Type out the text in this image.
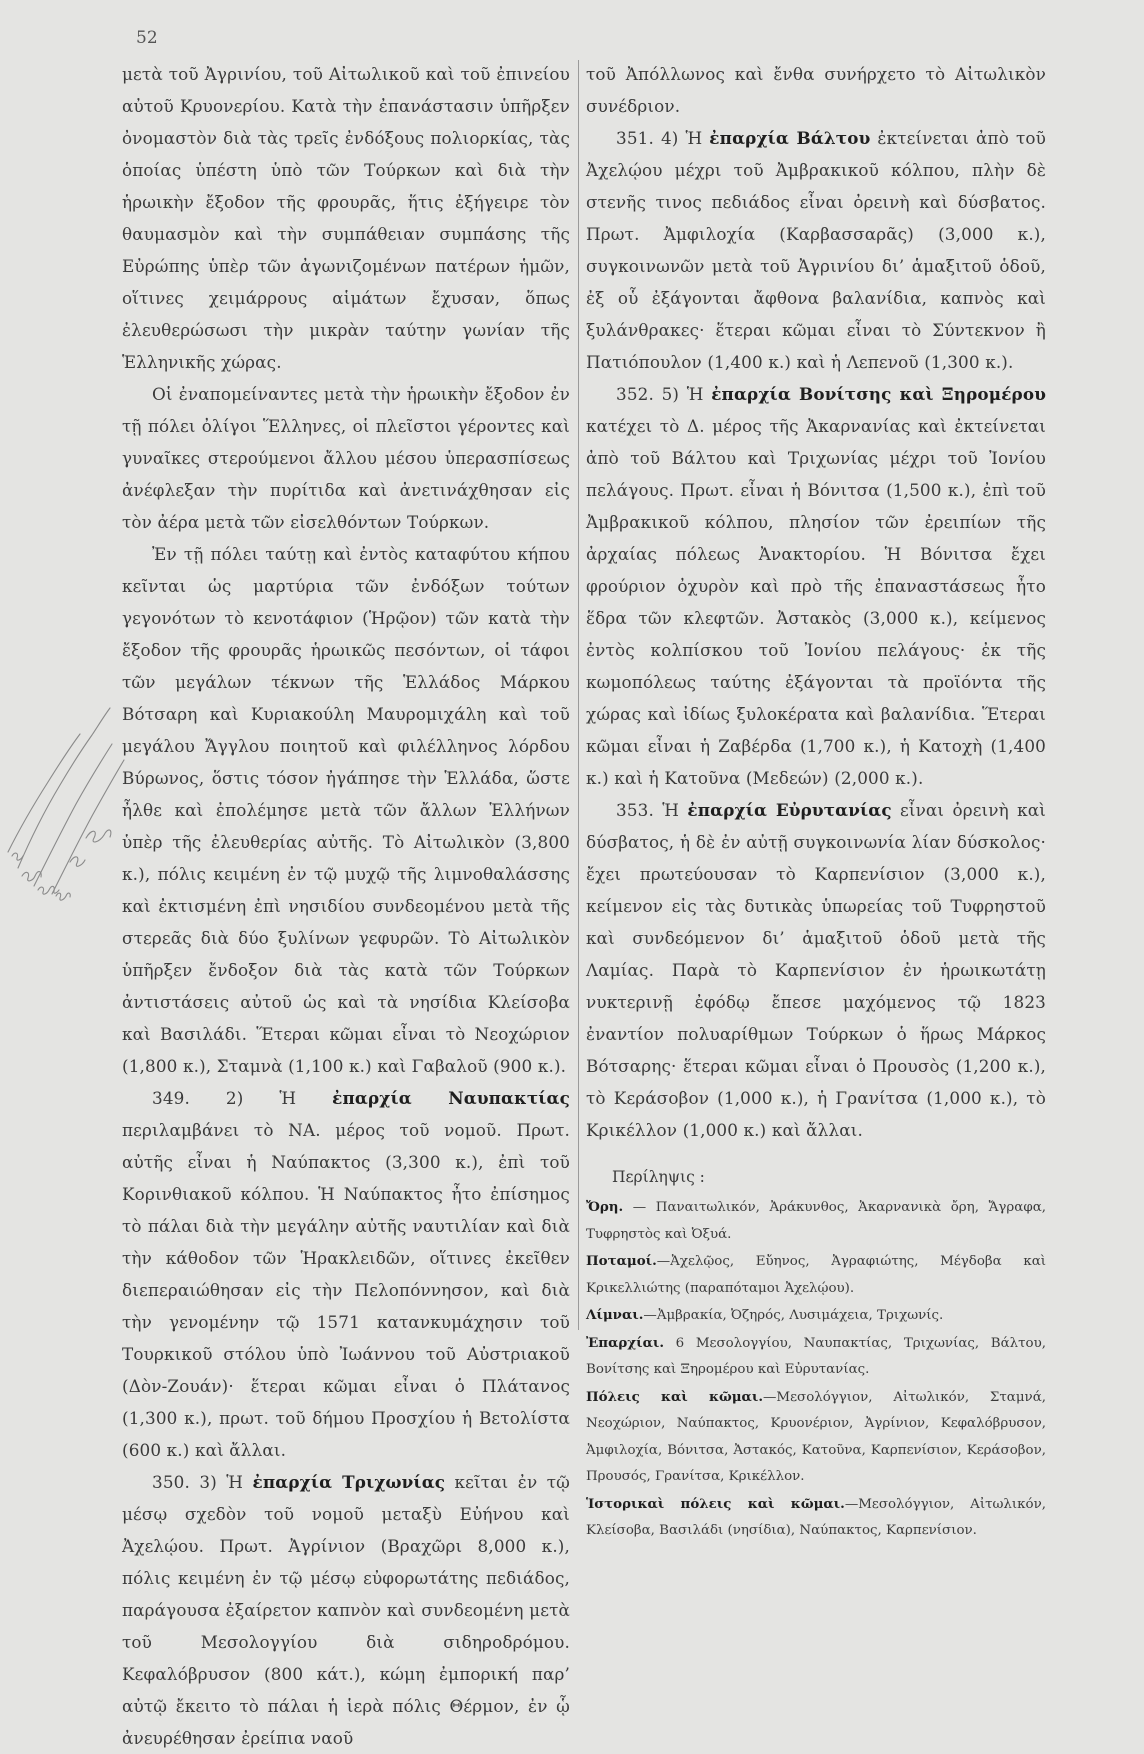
52

μετὰ τοῦ Ἀγρινίου, τοῦ Αἰτωλικοῦ καὶ τοῦ ἐπινείου αὐτοῦ Κρυονερίου. Κατὰ τὴν ἐπανάστασιν ὑπῆρξεν ὀνομαστὸν διὰ τὰς τρεῖς ἐνδόξους πολιορκίας, τὰς ὁποίας ὑπέστη ὑπὸ τῶν Τούρκων καὶ διὰ τὴν ἡρωικὴν ἔξοδον τῆς φρουρᾶς, ἥτις ἐξήγειρε τὸν θαυμασμὸν καὶ τὴν συμπάθειαν συμπάσης τῆς Εὐρώπης ὑπὲρ τῶν ἀγωνιζομένων πατέρων ἡμῶν, οἵτινες χειμάρρους αἱμάτων ἔχυσαν, ὅπως ἐλευθερώσωσι τὴν μικρὰν ταύτην γωνίαν τῆς Ἑλληνικῆς χώρας.

Οἱ ἐναπομείναντες μετὰ τὴν ἡρωικὴν ἔξοδον ἐν τῇ πόλει ὀλίγοι Ἕλληνες, οἱ πλεῖστοι γέροντες καὶ γυναῖκες στερούμενοι ἄλλου μέσου ὑπερασπίσεως ἀνέφλεξαν τὴν πυρίτιδα καὶ ἀνετινάχθησαν εἰς τὸν ἀέρα μετὰ τῶν εἰσελθόντων Τούρκων.

Ἐν τῇ πόλει ταύτῃ καὶ ἐντὸς καταφύτου κήπου κεῖνται ὡς μαρτύρια τῶν ἐνδόξων τούτων γεγονότων τὸ κενοτάφιον (Ἡρῷον) τῶν κατὰ τὴν ἔξοδον τῆς φρουρᾶς ἡρωικῶς πεσόντων, οἱ τάφοι τῶν μεγάλων τέκνων τῆς Ἑλλάδος Μάρκου Βότσαρη καὶ Κυριακούλη Μαυρομιχάλη καὶ τοῦ μεγάλου Ἄγγλου ποιητοῦ καὶ φιλέλληνος λόρδου Βύρωνος, ὅστις τόσον ἠγάπησε τὴν Ἑλλάδα, ὥστε ἦλθε καὶ ἐπολέμησε μετὰ τῶν ἄλλων Ἑλλήνων ὑπὲρ τῆς ἐλευθερίας αὐτῆς. Τὸ Αἰτωλικὸν (3,800 κ.), πόλις κειμένη ἐν τῷ μυχῷ τῆς λιμνοθαλάσσης καὶ ἐκτισμένη ἐπὶ νησιδίου συνδεομένου μετὰ τῆς στερεᾶς διὰ δύο ξυλίνων γεφυρῶν. Τὸ Αἰτωλικὸν ὑπῆρξεν ἔνδοξον διὰ τὰς κατὰ τῶν Τούρκων ἀντιστάσεις αὐτοῦ ὡς καὶ τὰ νησίδια Κλείσοβα καὶ Βασιλάδι. Ἕτεραι κῶμαι εἶναι τὸ Νεοχώριον (1,800 κ.), Σταμνὰ (1,100 κ.) καὶ Γαβαλοῦ (900 κ.).

349. 2) Ἡ ἐπαρχία Ναυπακτίας περιλαμβάνει τὸ ΝΑ. μέρος τοῦ νομοῦ. Πρωτ. αὐτῆς εἶναι ἡ Ναύπακτος (3,300 κ.), ἐπὶ τοῦ Κορινθιακοῦ κόλπου. Ἡ Ναύπακτος ἦτο ἐπίσημος τὸ πάλαι διὰ τὴν μεγάλην αὐτῆς ναυτιλίαν καὶ διὰ τὴν κάθοδον τῶν Ἡρακλειδῶν, οἵτινες ἐκεῖθεν διεπεραιώθησαν εἰς τὴν Πελοπόννησον, καὶ διὰ τὴν γενομένην τῷ 1571 κατανκυμάχησιν τοῦ Τουρκικοῦ στόλου ὑπὸ Ἰωάννου τοῦ Αὐστριακοῦ (Δὸν-Ζουάν)· ἕτεραι κῶμαι εἶναι ὁ Πλάτανος (1,300 κ.), πρωτ. τοῦ δήμου Προσχίου ἡ Βετολίστα (600 κ.) καὶ ἄλλαι.

350. 3) Ἡ ἐπαρχία Τριχωνίας κεῖται ἐν τῷ μέσῳ σχεδὸν τοῦ νομοῦ μεταξὺ Εὐήνου καὶ Ἀχελῴου. Πρωτ. Ἀγρίνιον (Βραχῶρι 8,000 κ.), πόλις κειμένη ἐν τῷ μέσῳ εὐφορωτάτης πεδιάδος, παράγουσα ἐξαίρετον καπνὸν καὶ συνδεομένη μετὰ τοῦ Μεσολογγίου διὰ σιδηροδρόμου. Κεφαλόβρυσον (800 κάτ.), κώμη ἐμπορική παρ’ αὐτῷ ἔκειτο τὸ πάλαι ἡ ἱερὰ πόλις Θέρμον, ἐν ᾧ ἀνευρέθησαν ἐρείπια ναοῦ

τοῦ Ἀπόλλωνος καὶ ἔνθα συνήρχετο τὸ Αἰτωλικὸν συνέδριον.

351. 4) Ἡ ἐπαρχία Βάλτου ἐκτείνεται ἀπὸ τοῦ Ἀχελῴου μέχρι τοῦ Ἀμβρακικοῦ κόλπου, πλὴν δὲ στενῆς τινος πεδιάδος εἶναι ὀρεινὴ καὶ δύσβατος. Πρωτ. Ἀμφιλοχία (Καρβασσαρᾶς) (3,000 κ.), συγκοινωνῶν μετὰ τοῦ Ἀγρινίου δι’ ἁμαξιτοῦ ὁδοῦ, ἐξ οὗ ἐξάγονται ἄφθονα βαλανίδια, καπνὸς καὶ ξυλάνθρακες· ἕτεραι κῶμαι εἶναι τὸ Σύντεκνον ἢ Πατιόπουλον (1,400 κ.) καὶ ἡ Λεπενοῦ (1,300 κ.).

352. 5) Ἡ ἐπαρχία Βονίτσης καὶ Ξηρομέρου κατέχει τὸ Δ. μέρος τῆς Ἀκαρνανίας καὶ ἐκτείνεται ἀπὸ τοῦ Βάλτου καὶ Τριχωνίας μέχρι τοῦ Ἰονίου πελάγους. Πρωτ. εἶναι ἡ Βόνιτσα (1,500 κ.), ἐπὶ τοῦ Ἀμβρακικοῦ κόλπου, πλησίον τῶν ἐρειπίων τῆς ἀρχαίας πόλεως Ἀνακτορίου. Ἡ Βόνιτσα ἔχει φρούριον ὀχυρὸν καὶ πρὸ τῆς ἐπαναστάσεως ἦτο ἕδρα τῶν κλεφτῶν. Ἀστακὸς (3,000 κ.), κείμενος ἐντὸς κολπίσκου τοῦ Ἰονίου πελάγους· ἐκ τῆς κωμοπόλεως ταύτης ἐξάγονται τὰ προϊόντα τῆς χώρας καὶ ἰδίως ξυλοκέρατα καὶ βαλανίδια. Ἕτεραι κῶμαι εἶναι ἡ Ζαβέρδα (1,700 κ.), ἡ Κατοχὴ (1,400 κ.) καὶ ἡ Κατοῦνα (Μεδεών) (2,000 κ.).

353. Ἡ ἐπαρχία Εὐρυτανίας εἶναι ὀρεινὴ καὶ δύσβατος, ἡ δὲ ἐν αὐτῇ συγκοινωνία λίαν δύσκολος· ἔχει πρωτεύουσαν τὸ Καρπενίσιον (3,000 κ.), κείμενον εἰς τὰς δυτικὰς ὑπωρείας τοῦ Τυφρηστοῦ καὶ συνδεόμενον δι’ ἁμαξιτοῦ ὁδοῦ μετὰ τῆς Λαμίας. Παρὰ τὸ Καρπενίσιον ἐν ἡρωικωτάτῃ νυκτερινῇ ἐφόδῳ ἔπεσε μαχόμενος τῷ 1823 ἐναντίον πολυαρίθμων Τούρκων ὁ ἥρως Μάρκος Βότσαρης· ἕτεραι κῶμαι εἶναι ὁ Προυσὸς (1,200 κ.), τὸ Κεράσοβον (1,000 κ.), ἡ Γρανίτσα (1,000 κ.), τὸ Κρικέλλον (1,000 κ.) καὶ ἄλλαι.

Περίληψις :

Ὄρη. — Παναιτωλικόν, Ἀράκυνθος, Ἀκαρνανικὰ ὄρη, Ἄγραφα, Τυφρηστὸς καὶ Ὀξυά.

Ποταμοί.—Ἀχελῷος, Εὔηνος, Ἀγραφιώτης, Μέγδοβα καὶ Κρικελλιώτης (παραπόταμοι Ἀχελῴου).

Λίμναι.—Ἀμβρακία, Ὀζηρός, Λυσιμάχεια, Τριχωνίς.

Ἐπαρχίαι. 6 Μεσολογγίου, Ναυπακτίας, Τριχωνίας, Βάλτου, Βονίτσης καὶ Ξηρομέρου καὶ Εὐρυτανίας.

Πόλεις καὶ κῶμαι.—Μεσολόγγιον, Αἰτωλικόν, Σταμνά, Νεοχώριον, Ναύπακτος, Κρυονέριον, Ἀγρίνιον, Κεφαλόβρυσον, Ἀμφιλοχία, Βόνιτσα, Ἀστακός, Κατοῦνα, Καρπενίσιον, Κεράσοβον, Προυσός, Γρανίτσα, Κρικέλλον.

Ἱστορικαὶ πόλεις καὶ κῶμαι.—Μεσολόγγιον, Αἰτωλικόν, Κλείσοβα, Βασιλάδι (νησίδια), Ναύπακτος, Καρπενίσιον.
